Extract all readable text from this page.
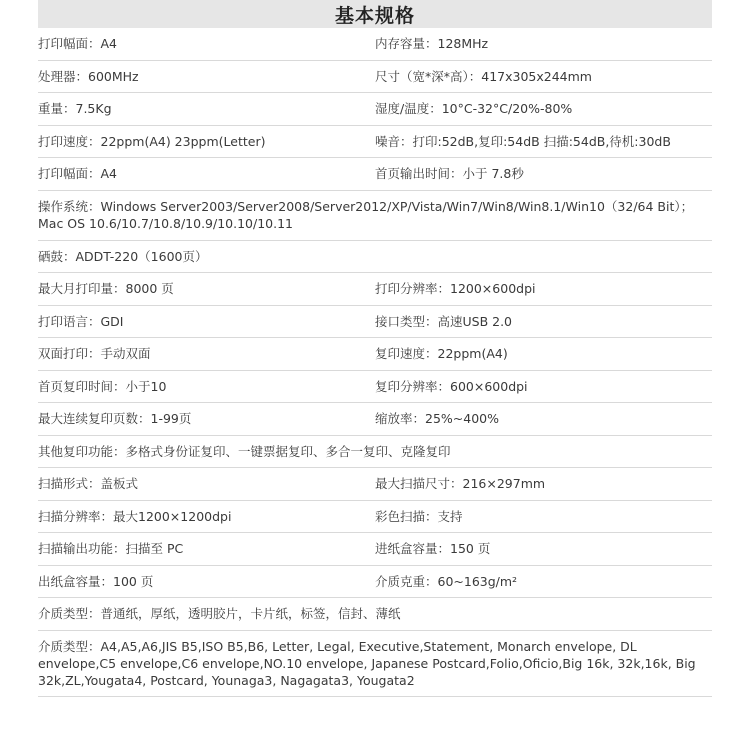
基本规格
打印幅面：A4	内存容量：128MHz
处理器：600MHz	尺寸（宽*深*高）：417x305x244mm
重量：7.5Kg	湿度/温度：10°C-32°C/20%-80%
打印速度：22ppm(A4) 23ppm(Letter)	噪音：打印:52dB,复印:54dB 扫描:54dB,待机:30dB
打印幅面：A4	首页输出时间：小于 7.8秒
操作系统：Windows Server2003/Server2008/Server2012/XP/Vista/Win7/Win8/Win8.1/Win10（32/64 Bit）；Mac OS 10.6/10.7/10.8/10.9/10.10/10.11
硒鼓：ADDT-220（1600页）
最大月打印量：8000 页	打印分辨率：1200×600dpi
打印语言：GDI	接口类型：高速USB 2.0
双面打印：手动双面	复印速度：22ppm(A4)
首页复印时间：小于10	复印分辨率：600×600dpi
最大连续复印页数：1-99页	缩放率：25%~400%
其他复印功能：多格式身份证复印、一键票据复印、多合一复印、克隆复印
扫描形式：盖板式	最大扫描尺寸：216×297mm
扫描分辨率：最大1200×1200dpi	彩色扫描：支持
扫描输出功能：扫描至 PC	进纸盒容量：150 页
出纸盒容量：100 页	介质克重：60~163g/m²
介质类型：普通纸，厚纸，透明胶片，卡片纸，标签，信封、薄纸
介质类型：A4,A5,A6,JIS B5,ISO B5,B6, Letter, Legal, Executive,Statement, Monarch envelope, DL envelope,C5 envelope,C6 envelope,NO.10 envelope, Japanese Postcard,Folio,Oficio,Big 16k, 32k,16k, Big 32k,ZL,Yougata4, Postcard, Younaga3, Nagagata3, Yougata2
